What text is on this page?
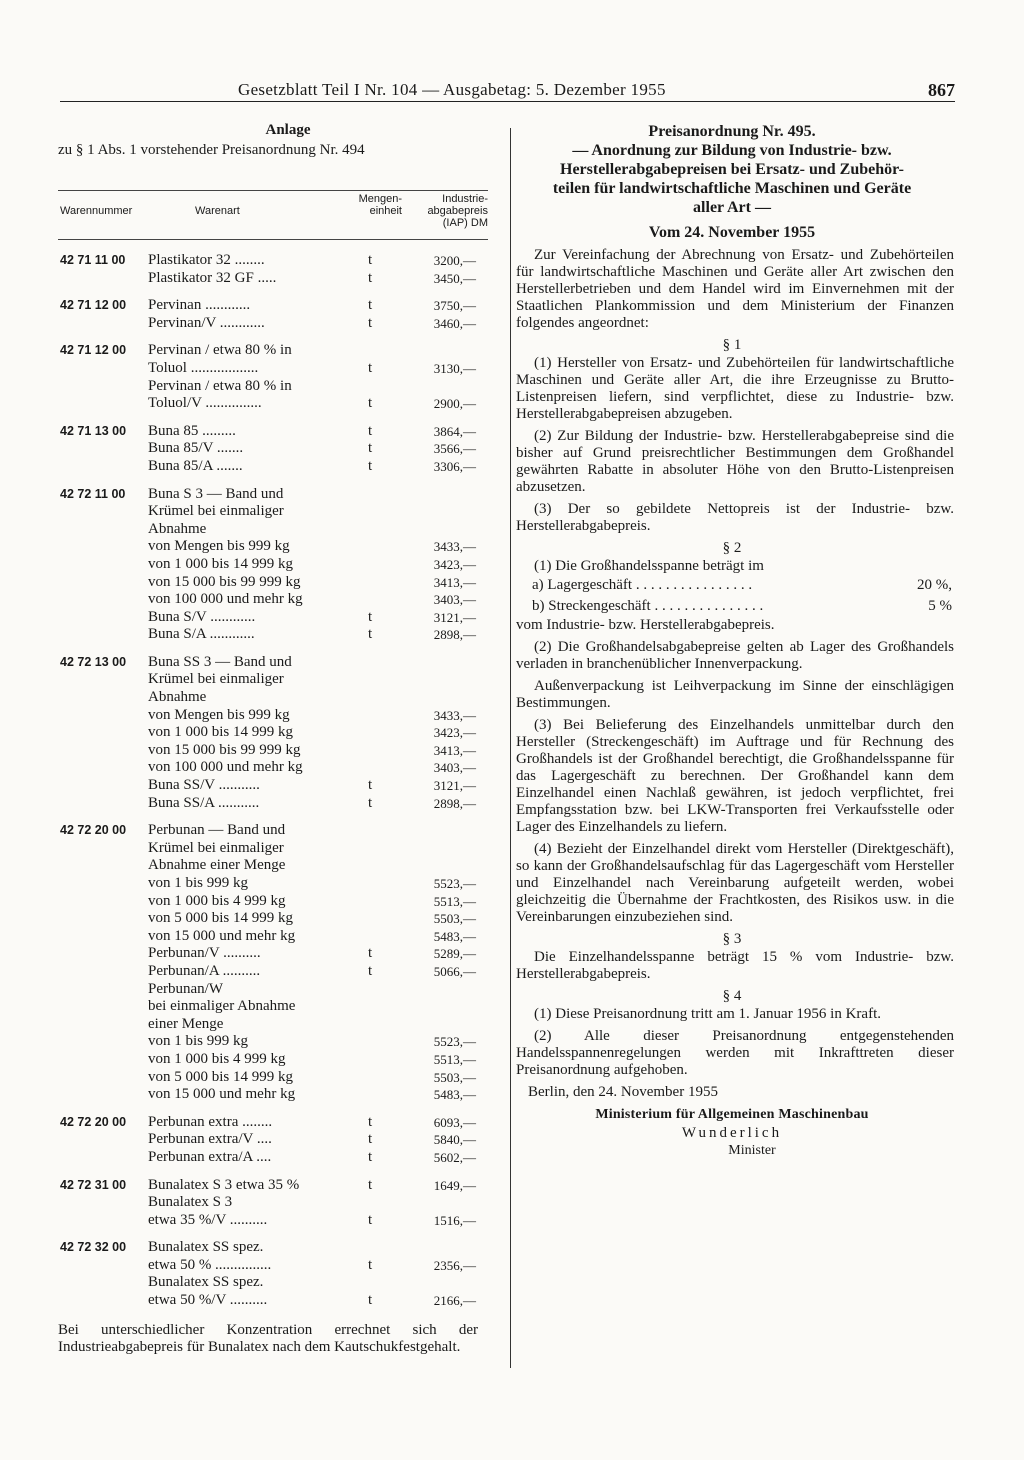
Gesetzblatt Teil I Nr. 104 — Ausgabetag: 5. Dezember 1955	867
Anlage
zu § 1 Abs. 1 vorstehender Preisanordnung Nr. 494
Warennummer	Warenart
Mengen-
einheit
Industrie-
abgabepreis
(IAP) DM
42 71 11 00 Plastikator 32 ........	t	3200,—
Plastikator 32 GF .....	t	3450,—
42 71 12 00 Pervinan ............	t	3750,—
Pervinan/V ............	t	3460,—
42 71 12 00 Pervinan / etwa 80 % in
Toluol ..................	t	3130,—
Pervinan / etwa 80 % in
Toluol/V ...............	t	2900,—
42 71 13 00 Buna 85 .........	t	3864,—
Buna 85/V .......	t	3566,—
Buna 85/A .......	t	3306,—
42 72 11 00 Buna S 3 — Band und
Krümel bei einmaliger
Abnahme
von Mengen bis 999 kg	3433,—
von 1 000 bis 14 999 kg	3423,—
von 15 000 bis 99 999 kg	3413,—
von 100 000 und mehr kg	3403,—
Buna S/V ............	t	3121,—
Buna S/A ............	t	2898,—
42 72 13 00 Buna SS 3 — Band und
Krümel bei einmaliger
Abnahme
von Mengen bis 999 kg	3433,—
von 1 000 bis 14 999 kg	3423,—
von 15 000 bis 99 999 kg	3413,—
von 100 000 und mehr kg	3403,—
Buna SS/V ...........	t	3121,—
Buna SS/A ...........	t	2898,—
42 72 20 00 Perbunan — Band und
Krümel bei einmaliger
Abnahme einer Menge
von 1 bis 999 kg	5523,—
von 1 000 bis 4 999 kg	5513,—
von 5 000 bis 14 999 kg	5503,—
von 15 000 und mehr kg	5483,—
Perbunan/V ..........	t	5289,—
Perbunan/A ..........	t	5066,—
Perbunan/W
bei einmaliger Abnahme
einer Menge
von 1 bis 999 kg	5523,—
von 1 000 bis 4 999 kg	5513,—
von 5 000 bis 14 999 kg	5503,—
von 15 000 und mehr kg	5483,—
42 72 20 00 Perbunan extra ........	t	6093,—
Perbunan extra/V ....	t	5840,—
Perbunan extra/A ....	t	5602,—
42 72 31 00 Bunalatex S 3 etwa 35 %	t	1649,—
Bunalatex S 3
etwa 35 %/V ..........	t	1516,—
42 72 32 00 Bunalatex SS spez.
etwa 50 % ...............	t	2356,—
Bunalatex SS spez.
etwa 50 %/V ..........	t	2166,—
Bei unterschiedlicher Konzentration errechnet sich der Industrieabgabepreis für Bunalatex nach dem Kautschukfestgehalt.
Preisanordnung Nr. 495.
— Anordnung zur Bildung von Industrie- bzw.
Herstellerabgabepreisen bei Ersatz- und Zubehör-
teilen für landwirtschaftliche Maschinen und Geräte
aller Art —
Vom 24. November 1955

Zur Vereinfachung der Abrechnung von Ersatz- und Zubehörteilen für landwirtschaftliche Maschinen und Geräte aller Art zwischen den Herstellerbetrieben und dem Handel wird im Einvernehmen mit der Staatlichen Plankommission und dem Ministerium der Finanzen folgendes angeordnet:

§ 1

(1) Hersteller von Ersatz- und Zubehörteilen für landwirtschaftliche Maschinen und Geräte aller Art, die ihre Erzeugnisse zu Brutto-Listenpreisen liefern, sind verpflichtet, diese zu Industrie- bzw. Herstellerabgabepreisen abzugeben.

(2) Zur Bildung der Industrie- bzw. Herstellerabgabepreise sind die bisher auf Grund preisrechtlicher Bestimmungen dem Großhandel gewährten Rabatte in absoluter Höhe von den Brutto-Listenpreisen abzusetzen.

(3) Der so gebildete Nettopreis ist der Industrie- bzw. Herstellerabgabepreis.

§ 2

(1) Die Großhandelsspanne beträgt im

a) Lagergeschäft . . . . . . . . . . . . . . . .	20 %,
b) Streckengeschäft . . . . . . . . . . . . . . .	5 %

vom Industrie- bzw. Herstellerabgabepreis.

(2) Die Großhandelsabgabepreise gelten ab Lager des Großhandels verladen in branchenüblicher Innenverpackung.

Außenverpackung ist Leihverpackung im Sinne der einschlägigen Bestimmungen.

(3) Bei Belieferung des Einzelhandels unmittelbar durch den Hersteller (Streckengeschäft) im Auftrage und für Rechnung des Großhandels ist der Großhandel berechtigt, die Großhandelsspanne für das Lagergeschäft zu berechnen. Der Großhandel kann dem Einzelhandel einen Nachlaß gewähren, ist jedoch verpflichtet, frei Empfangsstation bzw. bei LKW-Transporten frei Verkaufsstelle oder Lager des Einzelhandels zu liefern.

(4) Bezieht der Einzelhandel direkt vom Hersteller (Direktgeschäft), so kann der Großhandelsaufschlag für das Lagergeschäft vom Hersteller und Einzelhandel nach Vereinbarung aufgeteilt werden, wobei gleichzeitig die Übernahme der Frachtkosten, des Risikos usw. in die Vereinbarungen einzubeziehen sind.

§ 3

Die Einzelhandelsspanne beträgt 15 % vom Industrie- bzw. Herstellerabgabepreis.

§ 4

(1) Diese Preisanordnung tritt am 1. Januar 1956 in Kraft.

(2) Alle dieser Preisanordnung entgegenstehenden Handelsspannenregelungen werden mit Inkrafttreten dieser Preisanordnung aufgehoben.

Berlin, den 24. November 1955
Ministerium für Allgemeinen Maschinenbau
Wunderlich
Minister
